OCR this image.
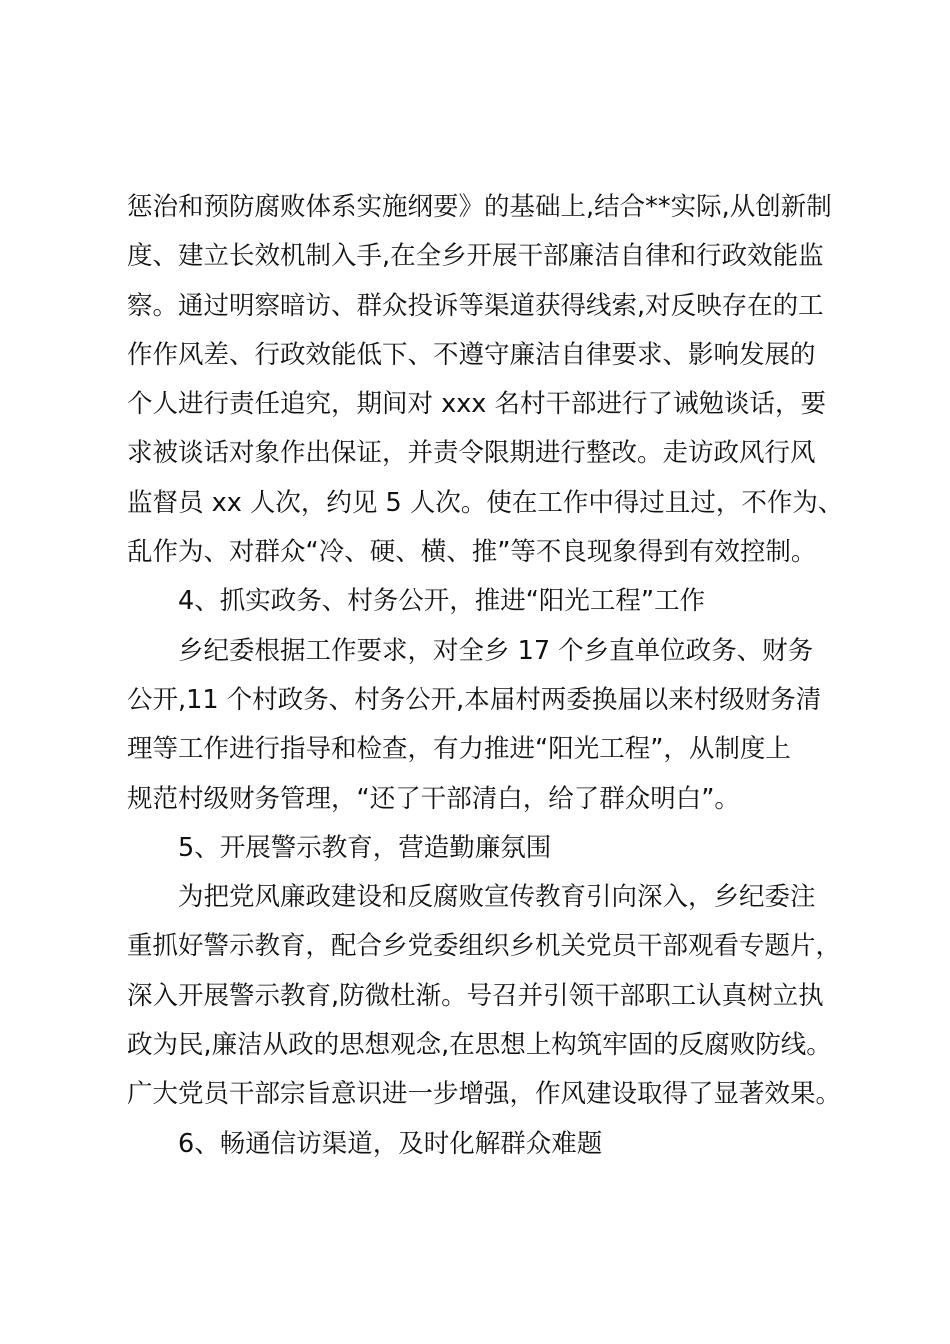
惩治和预防腐败体系实施纲要》的基础上,结合**实际,从创新制
度、建立长效机制入手,在全乡开展干部廉洁自律和行政效能监
察。通过明察暗访、群众投诉等渠道获得线索,对反映存在的工
作作风差、行政效能低下、不遵守廉洁自律要求、影响发展的
个人进行责任追究，期间对 xxx 名村干部进行了诫勉谈话，要
求被谈话对象作出保证，并责令限期进行整改。走访政风行风
监督员 xx 人次，约见 5 人次。使在工作中得过且过，不作为、
乱作为、对群众“冷、硬、横、推”等不良现象得到有效控制。
4、抓实政务、村务公开，推进“阳光工程”工作
乡纪委根据工作要求，对全乡 17 个乡直单位政务、财务
公开,11 个村政务、村务公开,本届村两委换届以来村级财务清
理等工作进行指导和检查，有力推进“阳光工程”，从制度上
规范村级财务管理，“还了干部清白，给了群众明白”。
5、开展警示教育，营造勤廉氛围
为把党风廉政建设和反腐败宣传教育引向深入，乡纪委注
重抓好警示教育，配合乡党委组织乡机关党员干部观看专题片，
深入开展警示教育,防微杜渐。号召并引领干部职工认真树立执
政为民,廉洁从政的思想观念,在思想上构筑牢固的反腐败防线。
广大党员干部宗旨意识进一步增强，作风建设取得了显著效果。
6、畅通信访渠道，及时化解群众难题
